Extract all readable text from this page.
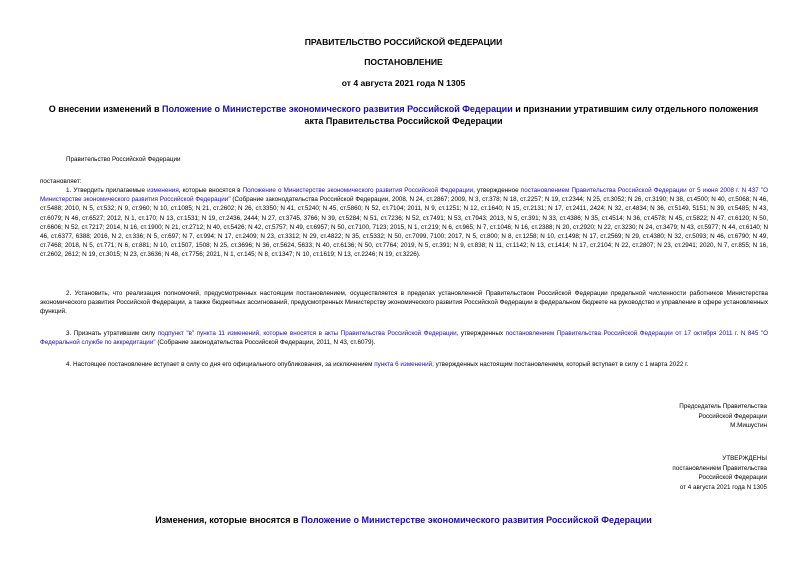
ПРАВИТЕЛЬСТВО РОССИЙСКОЙ ФЕДЕРАЦИИ
ПОСТАНОВЛЕНИЕ
от 4 августа 2021 года N 1305
О внесении изменений в Положение о Министерстве экономического развития Российской Федерации и признании утратившим силу отдельного положения акта Правительства Российской Федерации
Правительство Российской Федерации
постановляет:
1. Утвердить прилагаемые изменения, которые вносятся в Положение о Министерстве экономического развития Российской Федерации, утвержденное постановлением Правительства Российской Федерации от 5 июня 2008 г. N 437 "О Министерстве экономического развития Российской Федерации" (Собрание законодательства Российской Федерации, 2008, N 24, ст.2867; 2009, N 3, ст.378; N 18, ст.2257; N 19, ст.2344; N 25, ст.3052; N 26, ст.3190; N 38, ст.4500; N 40, ст.5068; N 46, ст.5488; 2010, N 5, ст.532; N 9, ст.960; N 10, ст.1085; N 21, ст.2602; N 26, ст.3350; N 41, ст.5240; N 45, ст.5860; N 52, ст.7104; 2011, N 9, ст.1251; N 12, ст.1640; N 15, ст.2131; N 17, ст.2411, 2424; N 32, ст.4834; N 36, ст.5149, 5151; N 39, ст.5485; N 43, ст.6079; N 46, ст.6527; 2012, N 1, ст.170; N 13, ст.1531; N 19, ст.2436, 2444; N 27, ст.3745, 3766; N 39, ст.5284; N 51, ст.7236; N 52, ст.7491; N 53, ст.7943; 2013, N 5, ст.391; N 33, ст.4386; N 35, ст.4514; N 36, ст.4578; N 45, ст.5822; N 47, ст.6120; N 50, ст.6606; N 52, ст.7217; 2014, N 16, ст.1900; N 21, ст.2712; N 40, ст.5426; N 42, ст.5757; N 49, ст.6957; N 50, ст.7100, 7123; 2015, N 1, ст.219; N 6, ст.965; N 7, ст.1046; N 16, ст.2388; N 20, ст.2920; N 22, ст.3230; N 24, ст.3479; N 43, ст.5977; N 44, ст.6140; N 46, ст.6377, 6388; 2016, N 2, ст.336; N 5, ст.697; N 7, ст.994; N 17, ст.2409; N 23, ст.3312; N 29, ст.4822; N 35, ст.5332; N 50, ст.7099, 7100; 2017, N 5, ст.800; N 8, ст.1258; N 10, ст.1498; N 17, ст.2569; N 29, ст.4380; N 32, ст.5093; N 46, ст.6790; N 49, ст.7468; 2018, N 5, ст.771; N 6, ст.881; N 10, ст.1507, 1508; N 25, ст.3696; N 36, ст.5624, 5633; N 40, ст.6136; N 50, ст.7764; 2019, N 5, ст.391; N 9, ст.838; N 11, ст.1142; N 13, ст.1414; N 17, ст.2104; N 22, ст.2807; N 23, ст.2941; 2020, N 7, ст.855; N 16, ст.2602, 2612; N 19, ст.3015; N 23, ст.3636; N 48, ст.7756; 2021, N 1, ст.145; N 8, ст.1347; N 10, ст.1619; N 13, ст.2246; N 19, ст.3226).
2. Установить, что реализация полномочий, предусмотренных настоящим постановлением, осуществляется в пределах установленной Правительством Российской Федерации предельной численности работников Министерства экономического развития Российской Федерации, а также бюджетных ассигнований, предусмотренных Министерству экономического развития Российской Федерации в федеральном бюджете на руководство и управление в сфере установленных функций.
3. Признать утратившим силу подпункт "в" пункта 11 изменений, которые вносятся в акты Правительства Российской Федерации, утвержденных постановлением Правительства Российской Федерации от 17 октября 2011 г. N 845 "О Федеральной службе по аккредитации" (Собрание законодательства Российской Федерации, 2011, N 43, ст.6079).
4. Настоящее постановление вступает в силу со дня его официального опубликования, за исключением пункта 6 изменений, утвержденных настоящим постановлением, который вступает в силу с 1 марта 2022 г.
Председатель Правительства
Российской Федерации
М.Мишустин
УТВЕРЖДЕНЫ
постановлением Правительства
Российской Федерации
от 4 августа 2021 года N 1305
Изменения, которые вносятся в Положение о Министерстве экономического развития Российской Федерации
